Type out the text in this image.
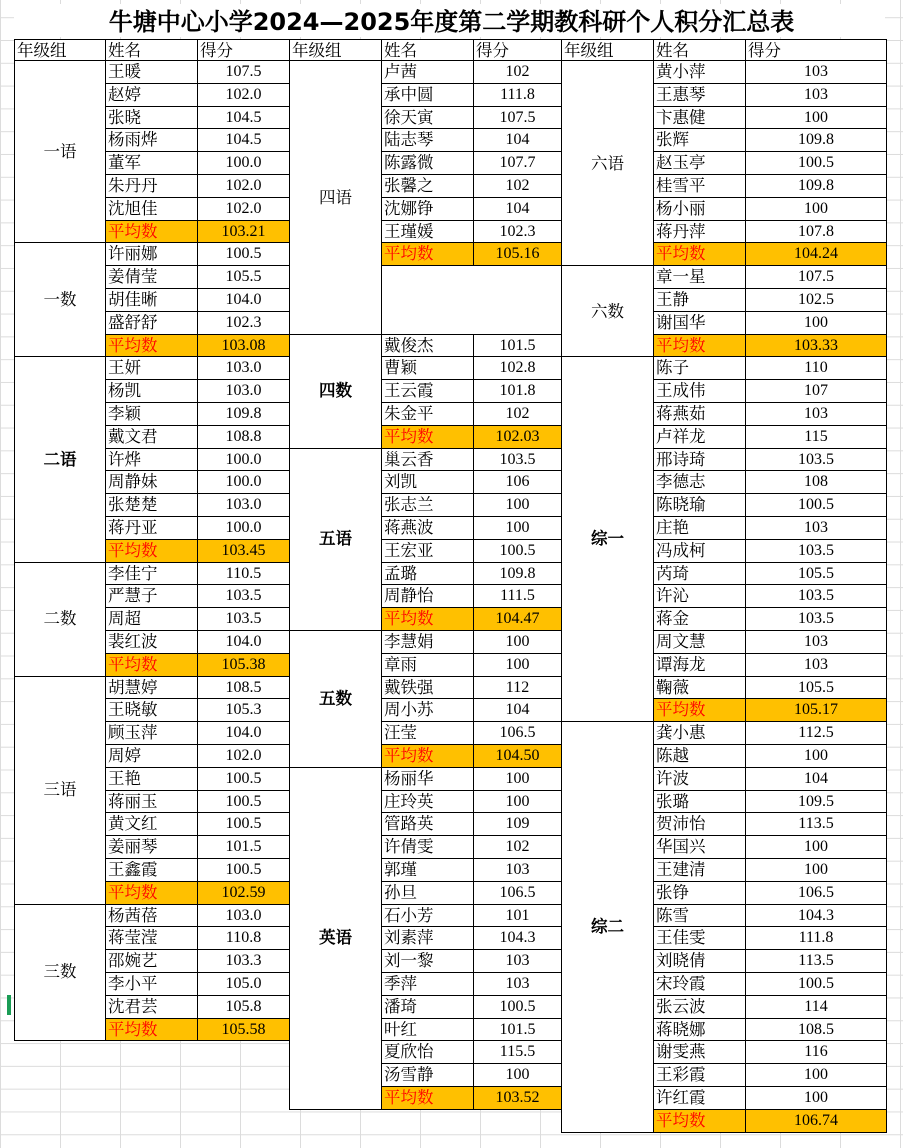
牛塘中心小学2024—2025年度第二学期教科研个人积分汇总表
年级组	姓名	得分	年级组	姓名	得分	年级组	姓名	得分
一语
王暖	107.5
赵婷	102.0
张晓	104.5
杨雨烨	104.5
董军	100.0
朱丹丹	102.0
沈旭佳	102.0
平均数	103.21
一数
许丽娜	100.5
姜倩莹	105.5
胡佳晰	104.0
盛舒舒	102.3
平均数	103.08
二语
王妍	103.0
杨凯	103.0
李颖	109.8
戴文君	108.8
许烨	100.0
周静妹	100.0
张楚楚	103.0
蒋丹亚	100.0
平均数	103.45
二数
李佳宁	110.5
严慧子	103.5
周超	103.5
裴红波	104.0
平均数	105.38
三语
胡慧婷	108.5
王晓敏	105.3
顾玉萍	104.0
周婷	102.0
王艳	100.5
蒋丽玉	100.5
黄文红	100.5
姜丽琴	101.5
王鑫霞	100.5
平均数	102.59
三数
杨茜蓓	103.0
蒋莹滢	110.8
邵婉艺	103.3
李小平	105.0
沈君芸	105.8
平均数	105.58
四语
卢茜	102
承中圆	111.8
徐天寅	107.5
陆志琴	104
陈露微	107.7
张馨之	102
沈娜铮	104
王瑾媛	102.3
平均数	105.16
四数
戴俊杰	101.5
曹颖	102.8
王云霞	101.8
朱金平	102
平均数	102.03
五语
巢云香	103.5
刘凯	106
张志兰	100
蒋燕波	100
王宏亚	100.5
孟璐	109.8
周静怡	111.5
平均数	104.47
五数
李慧娟	100
章雨	100
戴铁强	112
周小苏	104
汪莹	106.5
平均数	104.50
英语
杨丽华	100
庄玲英	100
管路英	109
许倩雯	102
郭瑾	103
孙旦	106.5
石小芳	101
刘素萍	104.3
刘一黎	103
季萍	103
潘琦	100.5
叶红	101.5
夏欣怡	115.5
汤雪静	100
平均数	103.52
六语
黄小萍	103
王惠琴	103
卞惠健	100
张辉	109.8
赵玉亭	100.5
桂雪平	109.8
杨小丽	100
蒋丹萍	107.8
平均数	104.24
六数
章一星	107.5
王静	102.5
谢国华	100
平均数	103.33
综一
陈子	110
王成伟	107
蒋燕茹	103
卢祥龙	115
邢诗琦	103.5
李德志	108
陈晓瑜	100.5
庄艳	103
冯成柯	103.5
芮琦	105.5
许沁	103.5
蒋金	103.5
周文慧	103
谭海龙	103
鞠薇	105.5
平均数	105.17
综二
龚小惠	112.5
陈越	100
许波	104
张璐	109.5
贺沛怡	113.5
华国兴	100
王建清	100
张铮	106.5
陈雪	104.3
王佳雯	111.8
刘晓倩	113.5
宋玲霞	100.5
张云波	114
蒋晓娜	108.5
谢雯燕	116
王彩霞	100
许红霞	100
平均数	106.74
